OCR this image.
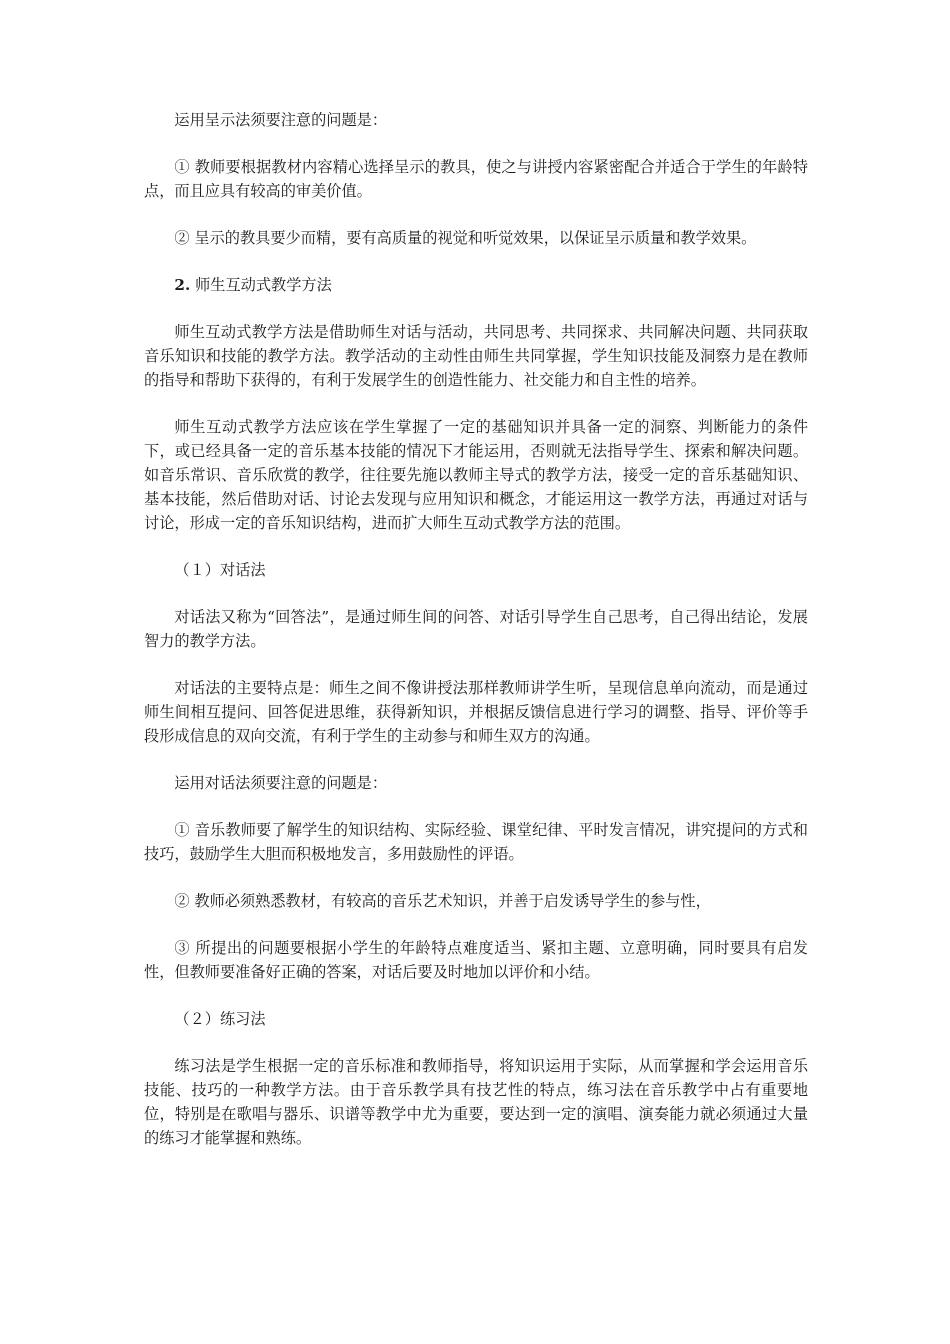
运用呈示法须要注意的问题是：

① 教师要根据教材内容精心选择呈示的教具，使之与讲授内容紧密配合并适合于学生的年龄特点，而且应具有较高的审美价值。

② 呈示的教具要少而精，要有高质量的视觉和听觉效果，以保证呈示质量和教学效果。

2. 师生互动式教学方法

师生互动式教学方法是借助师生对话与活动，共同思考、共同探求、共同解决问题、共同获取音乐知识和技能的教学方法。教学活动的主动性由师生共同掌握，学生知识技能及洞察力是在教师的指导和帮助下获得的，有利于发展学生的创造性能力、社交能力和自主性的培养。

师生互动式教学方法应该在学生掌握了一定的基础知识并具备一定的洞察、判断能力的条件下，或已经具备一定的音乐基本技能的情况下才能运用，否则就无法指导学生、探索和解决问题。如音乐常识、音乐欣赏的教学，往往要先施以教师主导式的教学方法，接受一定的音乐基础知识、基本技能，然后借助对话、讨论去发现与应用知识和概念，才能运用这一教学方法，再通过对话与讨论，形成一定的音乐知识结构，进而扩大师生互动式教学方法的范围。

（１）对话法

对话法又称为“回答法”，是通过师生间的问答、对话引导学生自己思考，自己得出结论，发展智力的教学方法。

对话法的主要特点是：师生之间不像讲授法那样教师讲学生听，呈现信息单向流动，而是通过师生间相互提问、回答促进思维，获得新知识，并根据反馈信息进行学习的调整、指导、评价等手段形成信息的双向交流，有利于学生的主动参与和师生双方的沟通。

运用对话法须要注意的问题是：

① 音乐教师要了解学生的知识结构、实际经验、课堂纪律、平时发言情况，讲究提问的方式和技巧，鼓励学生大胆而积极地发言，多用鼓励性的评语。

② 教师必须熟悉教材，有较高的音乐艺术知识，并善于启发诱导学生的参与性，

③ 所提出的问题要根据小学生的年龄特点难度适当、紧扣主题、立意明确，同时要具有启发性，但教师要准备好正确的答案，对话后要及时地加以评价和小结。

（２）练习法

练习法是学生根据一定的音乐标准和教师指导，将知识运用于实际，从而掌握和学会运用音乐技能、技巧的一种教学方法。由于音乐教学具有技艺性的特点，练习法在音乐教学中占有重要地位，特别是在歌唱与器乐、识谱等教学中尤为重要，要达到一定的演唱、演奏能力就必须通过大量的练习才能掌握和熟练。
